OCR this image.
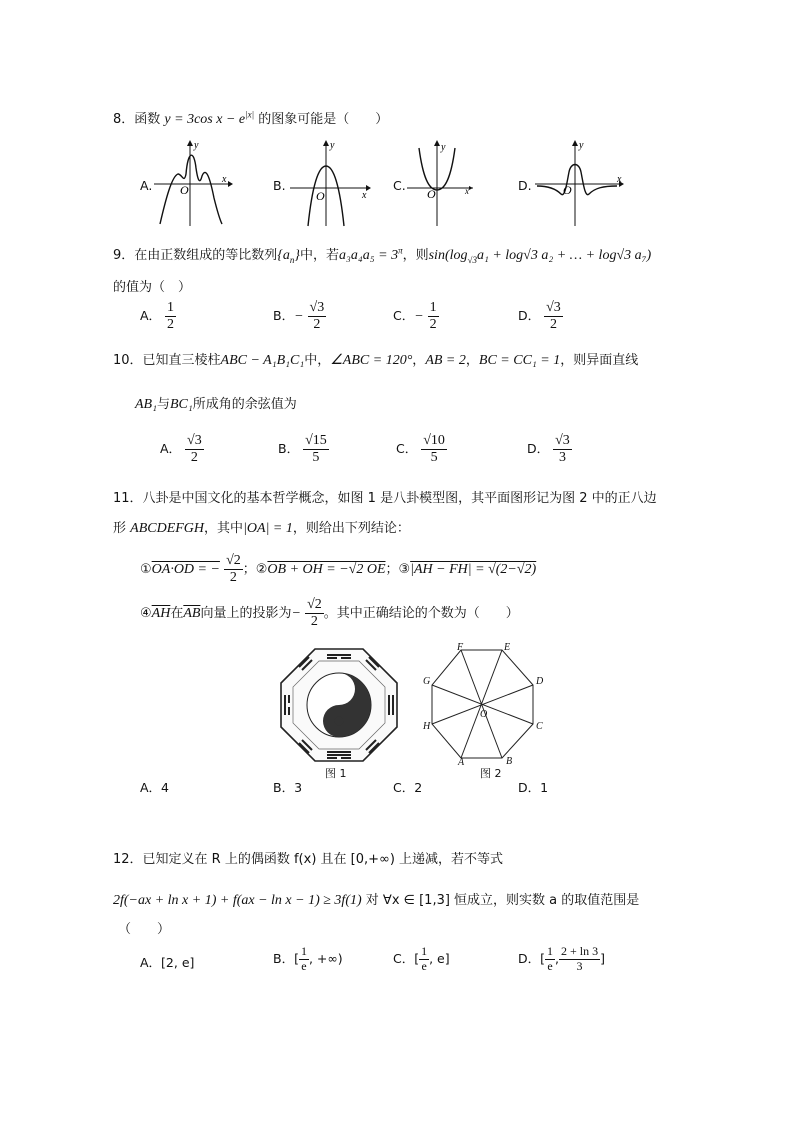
8．函数 y = 3cos $x - e^{|x|}$ 的图象可能是（　　）
A.
y
x
O	B.
y
x
O
C.
y
x
O
D.
y
x
O
9．在由正数组成的等比数列$\{a_n\}$中，若$a_3a_4a_5 = 3^\pi$，则$\sin(\log_{√3}a_1 + \log√3$ a₂ + … + log√3 a₇)
的值为（　）
A． $\frac{1}{2}$	B．− $\frac{√3}{2}$	C．− $\frac{1}{2}$	D． $\frac{√3}{2}$
10．已知直三棱柱ABC − A₁B₁C₁中，∠ABC = 120°，AB = 2，BC = CC₁ = 1，则异面直线
AB₁与BC₁所成角的余弦值为
A． $\frac{√3}{2}$	B． $\frac{√15}{5}$	C． $\frac{√10}{5}$	D． $\frac{√3}{3}$
11．八卦是中国文化的基本哲学概念，如图 1 是八卦模型图，其平面图形记为图 2 中的正八边
形 ABCDEFGH，其中|OA| = 1，则给出下列结论：
①OA·OD = − $\frac{√2}{2}$ ；②OB + OH = −√2 OE；③|AH − FH| = √(2−√2)
$④\overline{AH}$在$\overline{AB}$向量上的投影为− $\frac{√2}{2}$ 。其中正确结论的个数为（　　）
图 1
A	B
C
D
E
F
G
H
O
图 2
A．4	B．3	C．2	D．1
12．已知定义在 R 上的偶函数 f(x) 且在 [0,+∞) 上递减，若不等式
2f(−ax + ln x + 1) + f(ax − ln x − 1) ≥ 3f(1) 对 ∀x ∈ [1,3] 恒成立，则实数 a 的取值范围是
（　　）
A．[2, e]	B．[ $\frac{1}{e}$ , +∞)	C．[ $\frac{1}{e}$ , e]	D．[ $\frac{1}{e}$ , $\frac{2 + \ln 3}{3}$ ]
